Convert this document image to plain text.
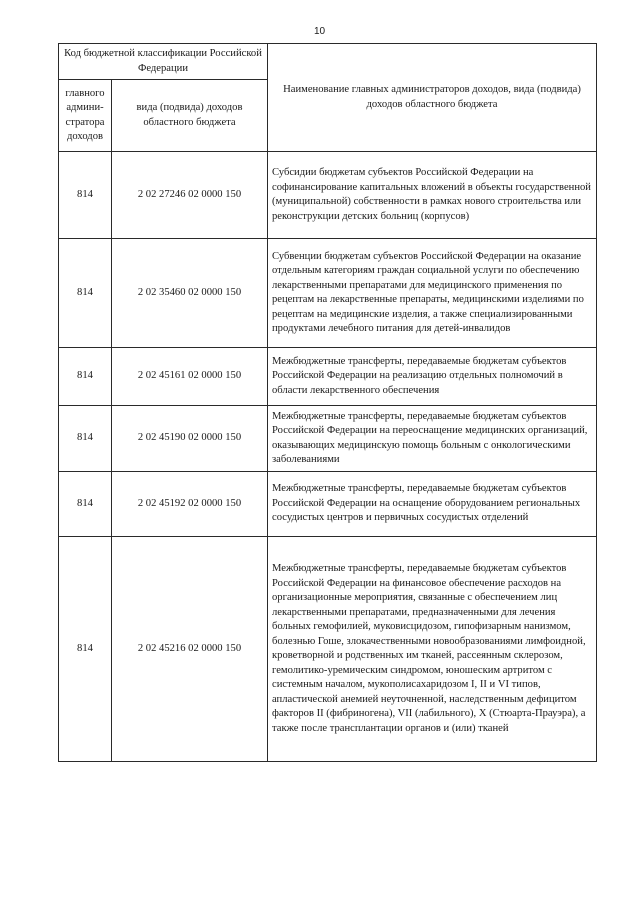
10
Код бюджетной классификации Российской Федерации		Наименование главных администраторов доходов, вида (подвида) доходов областного бюджета
главного админи-стратора доходов	вида (подвида) доходов областного бюджета	
814	2 02 27246 02 0000 150	Субсидии бюджетам субъектов Российской Федерации на софинансирование капитальных вложений в объекты государственной (муниципальной) собственности в рамках нового строительства или реконструкции детских больниц (корпусов)
814	2 02 35460 02 0000 150	Субвенции бюджетам субъектов Российской Федерации на оказание отдельным категориям граждан социальной услуги по обеспечению лекарственными препаратами для медицинского применения по рецептам на лекарственные препараты, медицинскими изделиями по рецептам на медицинские изделия, а также специализированными продуктами лечебного питания для детей-инвалидов
814	2 02 45161 02 0000 150	Межбюджетные трансферты, передаваемые бюджетам субъектов Российской Федерации на реализацию отдельных полномочий в области лекарственного обеспечения
814	2 02 45190 02 0000 150	Межбюджетные трансферты, передаваемые бюджетам субъектов Российской Федерации на переоснащение медицинских организаций, оказывающих медицинскую помощь больным с онкологическими заболеваниями
814	2 02 45192 02 0000 150	Межбюджетные трансферты, передаваемые бюджетам субъектов Российской Федерации на оснащение оборудованием региональных сосудистых центров и первичных сосудистых отделений
814	2 02 45216 02 0000 150	Межбюджетные трансферты, передаваемые бюджетам субъектов Российской Федерации на финансовое обеспечение расходов на организационные мероприятия, связанные с обеспечением лиц лекарственными препаратами, предназначенными для лечения больных гемофилией, муковисцидозом, гипофизарным нанизмом, болезнью Гоше, злокачественными новообразованиями лимфоидной, кроветворной и родственных им тканей, рассеянным склерозом, гемолитико-уремическим синдромом, юношеским артритом с системным началом, мукополисахаридозом I, II и VI типов, апластической анемией неуточненной, наследственным дефицитом факторов II (фибриногена), VII (лабильного), X (Стюарта-Прауэра), а также после трансплантации органов и (или) тканей
